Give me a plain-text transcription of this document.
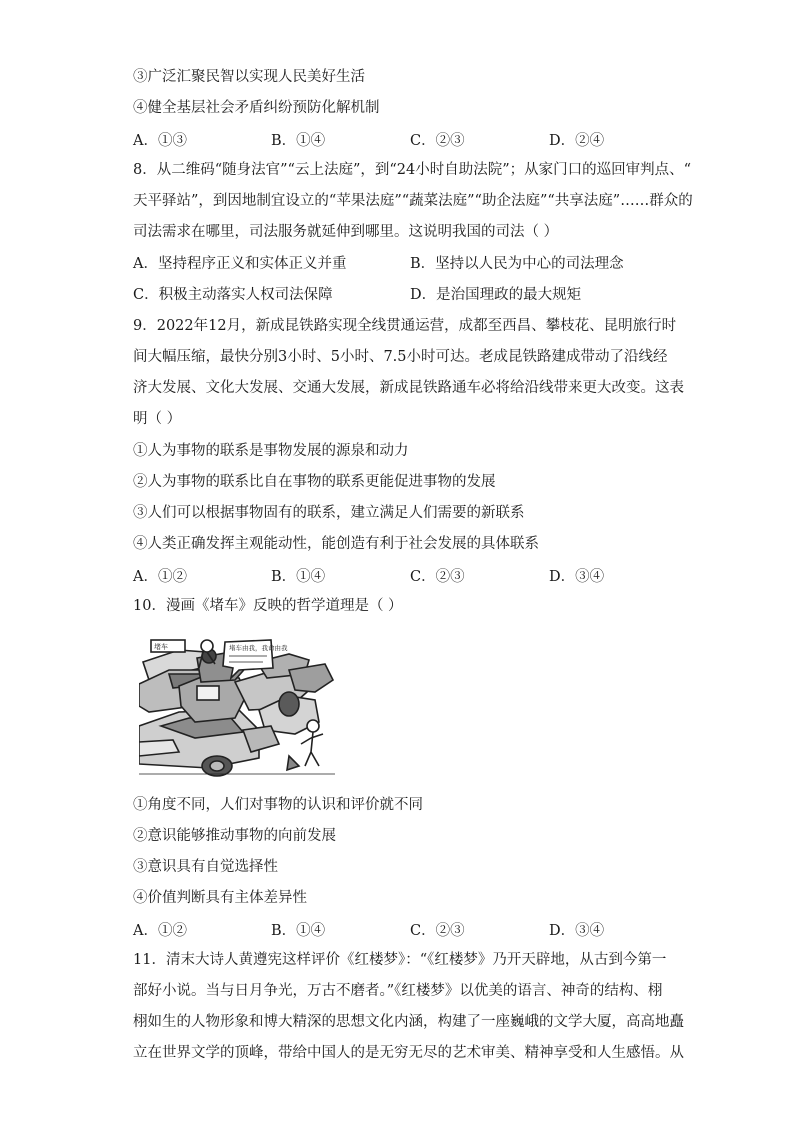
③广泛汇聚民智以实现人民美好生活
④健全基层社会矛盾纠纷预防化解机制
A．①③	B．①④	C．②③	D．②④
8．从二维码“随身法官”“云上法庭”，到“24小时自助法院”；从家门口的巡回审判点、“
天平驿站”，到因地制宜设立的“苹果法庭”“蔬菜法庭”“助企法庭”“共享法庭”……群众的
司法需求在哪里，司法服务就延伸到哪里。这说明我国的司法（ ）
A．坚持程序正义和实体正义并重	B．坚持以人民为中心的司法理念
C．积极主动落实人权司法保障	D．是治国理政的最大规矩
9．2022年12月，新成昆铁路实现全线贯通运营，成都至西昌、攀枝花、昆明旅行时
间大幅压缩，最快分别3小时、5小时、7.5小时可达。老成昆铁路建成带动了沿线经
济大发展、文化大发展、交通大发展，新成昆铁路通车必将给沿线带来更大改变。这表
明（ ）
①人为事物的联系是事物发展的源泉和动力
②人为事物的联系比自在事物的联系更能促进事物的发展
③人们可以根据事物固有的联系，建立满足人们需要的新联系
④人类正确发挥主观能动性，能创造有利于社会发展的具体联系
A．①②	B．①④	C．②③	D．③④
10．漫画《堵车》反映的哲学道理是（ ）
堵车	堵车由我，我命由我
①角度不同，人们对事物的认识和评价就不同
②意识能够推动事物的向前发展
③意识具有自觉选择性
④价值判断具有主体差异性
A．①②	B．①④	C．②③	D．③④
11．清末大诗人黄遵宪这样评价《红楼梦》：“《红楼梦》乃开天辟地，从古到今第一
部好小说。当与日月争光，万古不磨者。”《红楼梦》以优美的语言、神奇的结构、栩
栩如生的人物形象和博大精深的思想文化内涵，构建了一座巍峨的文学大厦，高高地矗
立在世界文学的顶峰，带给中国人的是无穷无尽的艺术审美、精神享受和人生感悟。从
